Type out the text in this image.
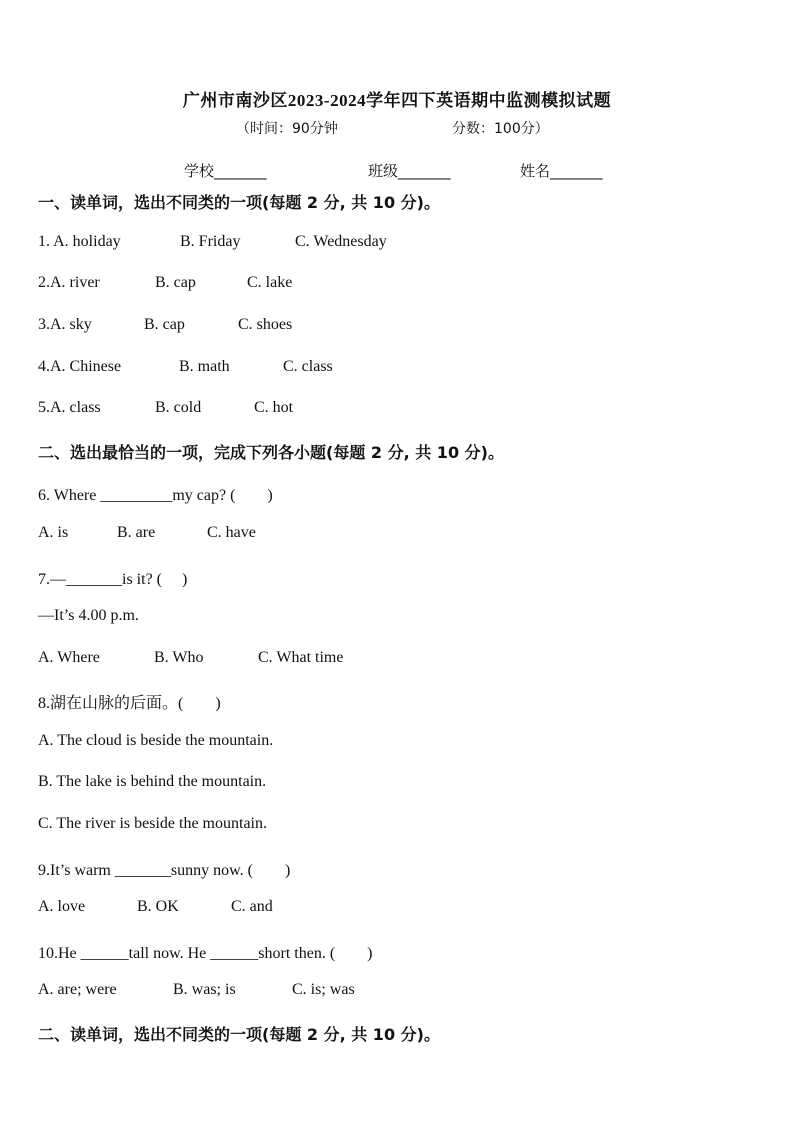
广州市南沙区2023-2024学年四下英语期中监测模拟试题
（时间：90分钟	分数：100分）
学校_______	班级_______	姓名_______
一、读单词，选出不同类的一项(每题 2 分, 共 10 分)。
1. A. holiday	B. Friday	C. Wednesday
2.A. river	B. cap	C. lake
3.A. sky	B. cap	C. shoes
4.A. Chinese	B. math	C. class
5.A. class	B. cold	C. hot
二、选出最恰当的一项，完成下列各小题(每题 2 分, 共 10 分)。
6. Where _________my cap? (　　)
A. is	B. are	C. have
7.—_______is it? (　 )
—It’s 4.00 p.m.
A. Where	B. Who	C. What time
8.湖在山脉的后面。(　　)
A. The cloud is beside the mountain.
B. The lake is behind the mountain.
C. The river is beside the mountain.
9.It’s warm _______sunny now. (　　)
A. love	B. OK	C. and
10.He ______tall now. He ______short then. (　　)
A. are; were	B. was; is	C. is; was
二、读单词，选出不同类的一项(每题 2 分, 共 10 分)。
